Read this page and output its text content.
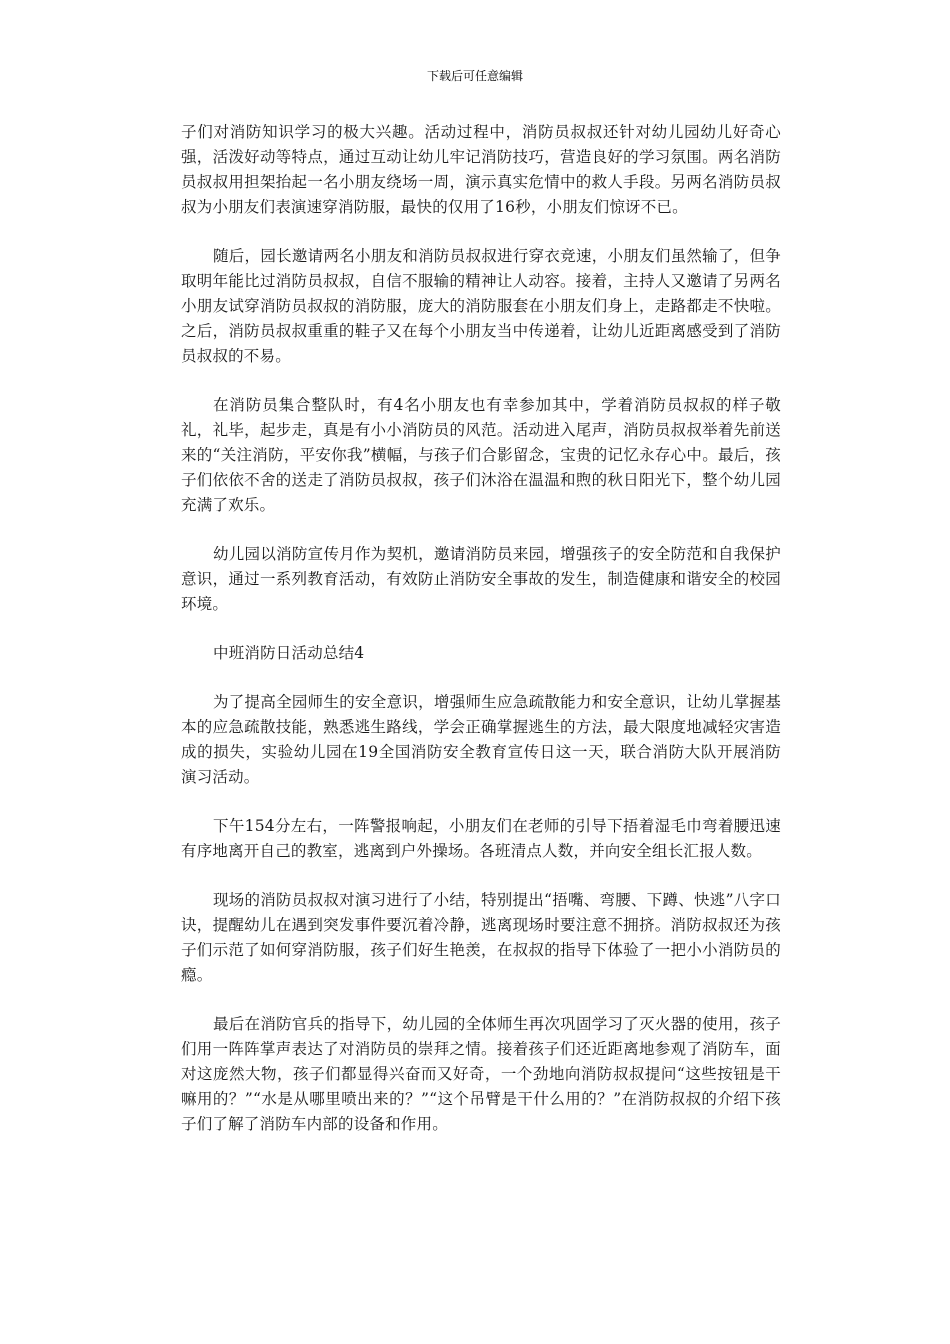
下载后可任意编辑

子们对消防知识学习的极大兴趣。活动过程中，消防员叔叔还针对幼儿园幼儿好奇心强，活泼好动等特点，通过互动让幼儿牢记消防技巧，营造良好的学习氛围。两名消防员叔叔用担架抬起一名小朋友绕场一周，演示真实危情中的救人手段。另两名消防员叔叔为小朋友们表演速穿消防服，最快的仅用了16秒，小朋友们惊讶不已。

随后，园长邀请两名小朋友和消防员叔叔进行穿衣竞速，小朋友们虽然输了，但争取明年能比过消防员叔叔，自信不服输的精神让人动容。接着，主持人又邀请了另两名小朋友试穿消防员叔叔的消防服，庞大的消防服套在小朋友们身上，走路都走不快啦。之后，消防员叔叔重重的鞋子又在每个小朋友当中传递着，让幼儿近距离感受到了消防员叔叔的不易。

在消防员集合整队时，有4名小朋友也有幸参加其中，学着消防员叔叔的样子敬礼，礼毕，起步走，真是有小小消防员的风范。活动进入尾声，消防员叔叔举着先前送来的“关注消防，平安你我”横幅，与孩子们合影留念，宝贵的记忆永存心中。最后，孩子们依依不舍的送走了消防员叔叔，孩子们沐浴在温温和煦的秋日阳光下，整个幼儿园充满了欢乐。

幼儿园以消防宣传月作为契机，邀请消防员来园，增强孩子的安全防范和自我保护意识，通过一系列教育活动，有效防止消防安全事故的发生，制造健康和谐安全的校园环境。

中班消防日活动总结4

为了提高全园师生的安全意识，增强师生应急疏散能力和安全意识，让幼儿掌握基本的应急疏散技能，熟悉逃生路线，学会正确掌握逃生的方法，最大限度地减轻灾害造成的损失，实验幼儿园在19全国消防安全教育宣传日这一天，联合消防大队开展消防演习活动。

下午154分左右，一阵警报响起，小朋友们在老师的引导下捂着湿毛巾弯着腰迅速有序地离开自己的教室，逃离到户外操场。各班清点人数，并向安全组长汇报人数。

现场的消防员叔叔对演习进行了小结，特别提出“捂嘴、弯腰、下蹲、快逃”八字口诀，提醒幼儿在遇到突发事件要沉着冷静，逃离现场时要注意不拥挤。消防叔叔还为孩子们示范了如何穿消防服，孩子们好生艳羡，在叔叔的指导下体验了一把小小消防员的瘾。

最后在消防官兵的指导下，幼儿园的全体师生再次巩固学习了灭火器的使用，孩子们用一阵阵掌声表达了对消防员的崇拜之情。接着孩子们还近距离地参观了消防车，面对这庞然大物，孩子们都显得兴奋而又好奇，一个劲地向消防叔叔提问“这些按钮是干嘛用的？”“水是从哪里喷出来的？”“这个吊臂是干什么用的？”在消防叔叔的介绍下孩子们了解了消防车内部的设备和作用。
